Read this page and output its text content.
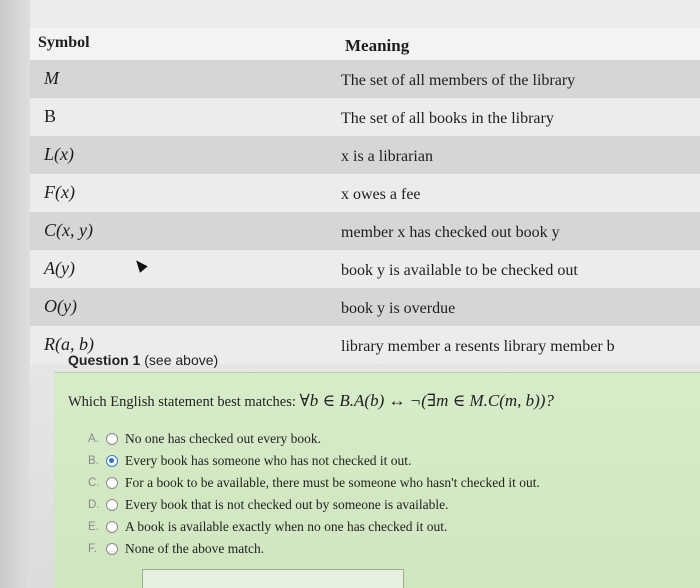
Symbol	Meaning
M	The set of all members of the library
B	The set of all books in the library
L(x)	x is a librarian
F(x)	x owes a fee
C(x, y)	member x has checked out book y
A(y)	book y is available to be checked out
O(y)	book y is overdue
R(a, b)	library member a resents library member b
Question 1 (see above)
Which English statement best matches: ∀b ∈ B.A(b) ↔ ¬(∃m ∈ M.C(m, b))?
A.	No one has checked out every book.
B.	Every book has someone who has not checked it out.
C.	For a book to be available, there must be someone who hasn't checked it out.
D.	Every book that is not checked out by someone is available.
E.	A book is available exactly when no one has checked it out.
F.	None of the above match.
